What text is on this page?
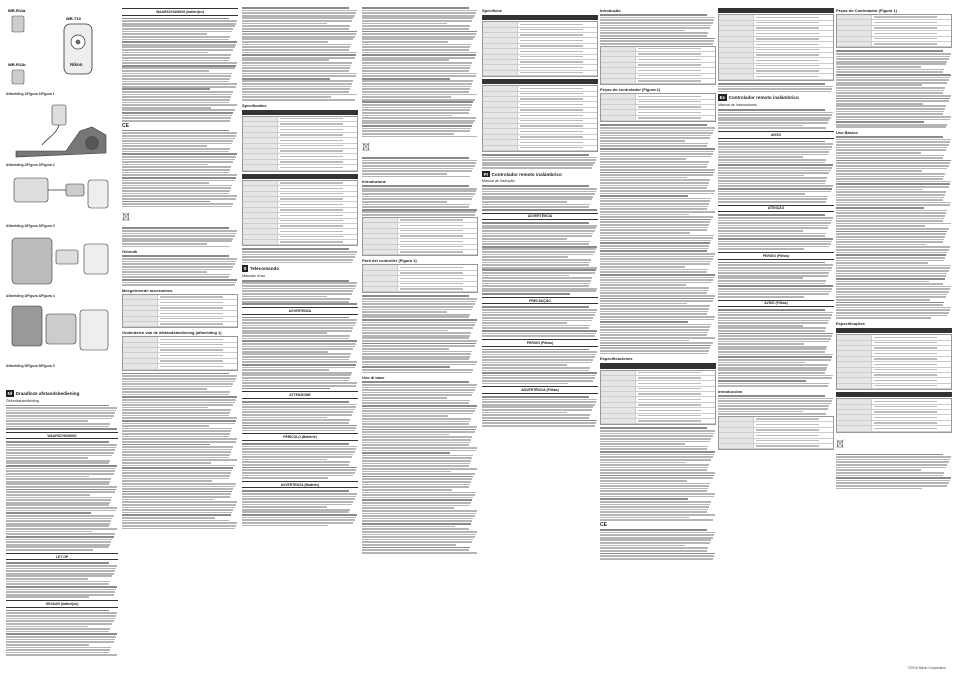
WR-R11a
WR-R11b
WR-T10
Nikon
Afbeelding 1/Figura 1/Figura 1
Afbeelding 2/Figura 2/Figura 2
Afbeelding 3/Figura 3/Figura 3
Afbeelding 4/Figura 4/Figura 4
Afbeelding 5/Figura 5/Figura 5
Nl Draadloze afstandsbediening
Gebruikshandleiding
WAARSCHUWING
LET OP
GEVAAR (batterijen)
WAARSCHUWING (batterijen)
CE
Gebruik
Meegeleverde accessoires
Onderdelen van de afstandsbediening (afbeelding 1)
Specificaties

It Telecomando
Manuale d'uso
AVVERTENZA
ATTENZIONE
PERICOLO (Batterie)
AVVERTENZA (Batterie)
Introduzione
Parti del controller (Figura 1)
Uso di base
Specifiche

Pt Controlador remoto inalámbrico
Manual de Instrução
ADVERTÊNCIA
PRECAUÇÃO
PERIGO (Pilhas)
ADVERTÊNCIA (Pilhas)
Introdução
Peças do controlador (Figura 1)
Especificaciones

CE

Es Controlador remoto inalámbrico
Manual de Instrucciones
AVISO
ATENÇÃO
PERIGO (Pilhas)
AVISO (Pilhas)
Introducción
Peças do Controlador (Figura 1)
Uso Básico
Especificações

©2016 Nikon Corporation
